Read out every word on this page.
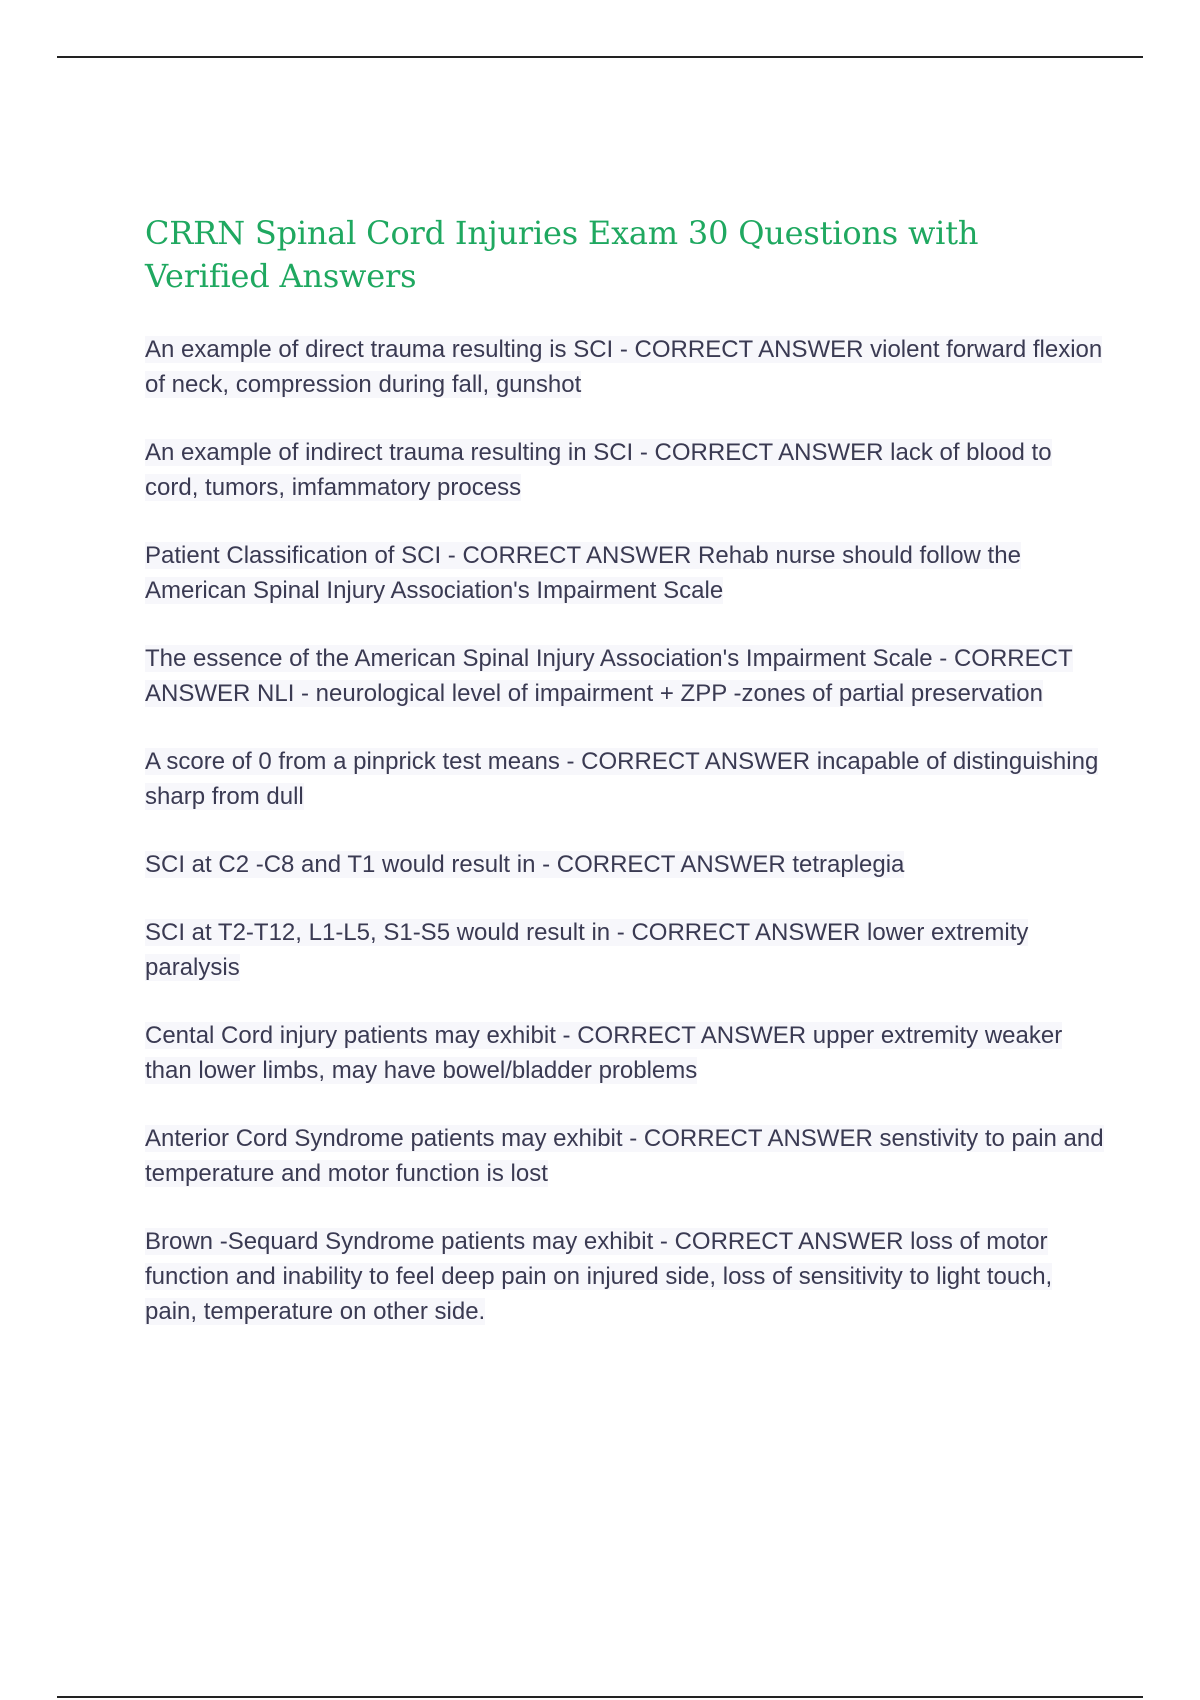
CRRN Spinal Cord Injuries Exam 30 Questions with Verified Answers
An example of direct trauma resulting is SCI - CORRECT ANSWER violent forward flexion of neck, compression during fall, gunshot
An example of indirect trauma resulting in SCI - CORRECT ANSWER lack of blood to cord, tumors, imfammatory process
Patient Classification of SCI - CORRECT ANSWER Rehab nurse should follow the American Spinal Injury Association's Impairment Scale
The essence of the American Spinal Injury Association's Impairment Scale - CORRECT ANSWER NLI - neurological level of impairment + ZPP -zones of partial preservation
A score of 0 from a pinprick test means - CORRECT ANSWER incapable of distinguishing sharp from dull
SCI at C2 -C8 and T1 would result in - CORRECT ANSWER tetraplegia
SCI at T2-T12, L1-L5, S1-S5 would result in - CORRECT ANSWER lower extremity paralysis
Cental Cord injury patients may exhibit - CORRECT ANSWER upper extremity weaker than lower limbs, may have bowel/bladder problems
Anterior Cord Syndrome patients may exhibit - CORRECT ANSWER senstivity to pain and temperature and motor function is lost
Brown -Sequard Syndrome patients may exhibit - CORRECT ANSWER loss of motor function and inability to feel deep pain on injured side, loss of sensitivity to light touch, pain, temperature on other side.
